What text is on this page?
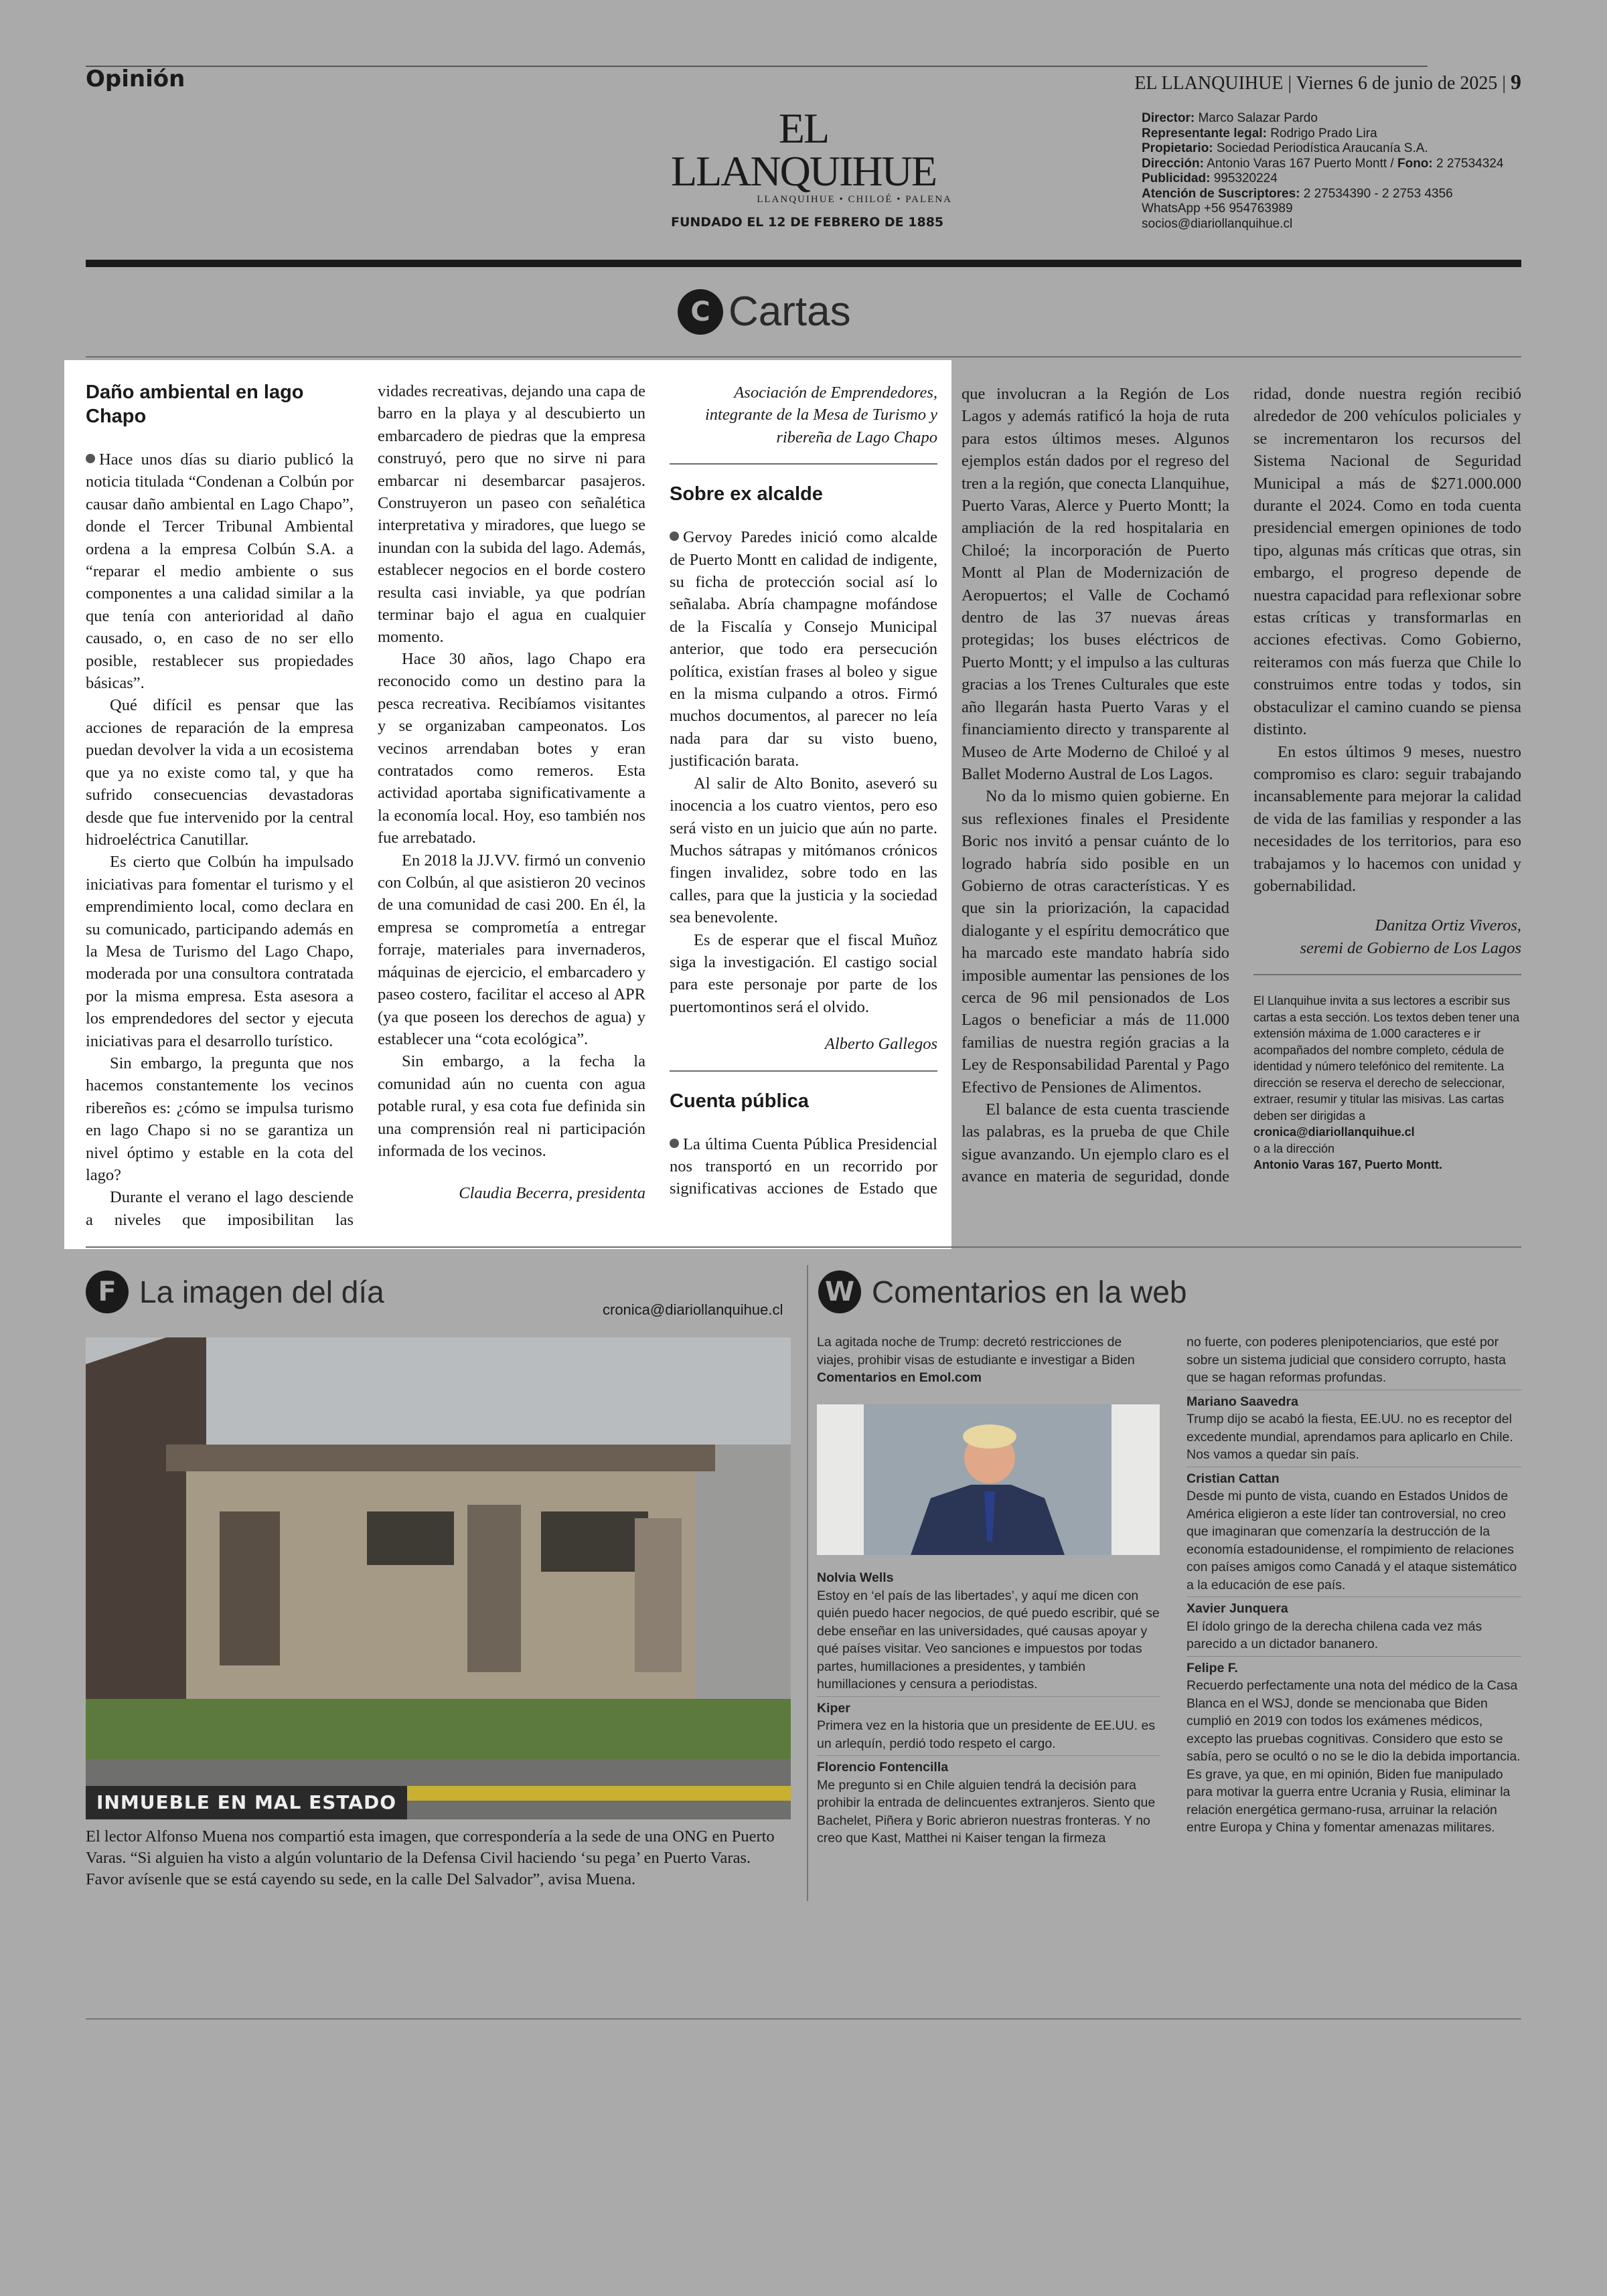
Opinión	EL LLANQUIHUE | Viernes 6 de junio de 2025 | 9
EL LLANQUIHUE
LLANQUIHUE • CHILOÉ • PALENA
FUNDADO EL 12 DE FEBRERO DE 1885
Director: Marco Salazar Pardo
Representante legal: Rodrigo Prado Lira
Propietario: Sociedad Periodística Araucanía S.A.
Dirección: Antonio Varas 167 Puerto Montt / Fono: 2 27534324
Publicidad: 995320224
Atención de Suscriptores: 2 27534390 - 2 2753 4356
WhatsApp +56 954763989
socios@diariollanquihue.cl
C Cartas
Daño ambiental en lago Chapo

Hace unos días su diario publicó la noticia titulada “Condenan a Colbún por causar daño ambiental en Lago Chapo”, donde el Tercer Tribunal Ambiental ordena a la empresa Colbún S.A. a “reparar el medio ambiente o sus componentes a una calidad similar a la que tenía con anterioridad al daño causado, o, en caso de no ser ello posible, restablecer sus propiedades básicas”.

Qué difícil es pensar que las acciones de reparación de la empresa puedan devolver la vida a un ecosistema que ya no existe como tal, y que ha sufrido consecuencias devastadoras desde que fue intervenido por la central hidroeléctrica Canutillar.

Es cierto que Colbún ha impulsado iniciativas para fomentar el turismo y el emprendimiento local, como declara en su comunicado, participando además en la Mesa de Turismo del Lago Chapo, moderada por una consultora contratada por la misma empresa. Esta asesora a los emprendedores del sector y ejecuta iniciativas para el desarrollo turístico.

Sin embargo, la pregunta que nos hacemos constantemente los vecinos ribereños es: ¿cómo se impulsa turismo en lago Chapo si no se garantiza un nivel óptimo y estable en la cota del lago?

Durante el verano el lago desciende a niveles que imposibilitan las

vidades recreativas, dejando una capa de barro en la playa y al descubierto un embarcadero de piedras que la empresa construyó, pero que no sirve ni para embarcar ni desembarcar pasajeros. Construyeron un paseo con señalética interpretativa y miradores, que luego se inundan con la subida del lago. Además, establecer negocios en el borde costero resulta casi inviable, ya que podrían terminar bajo el agua en cualquier momento.

Hace 30 años, lago Chapo era reconocido como un destino para la pesca recreativa. Recibíamos visitantes y se organizaban campeonatos. Los vecinos arrendaban botes y eran contratados como remeros. Esta actividad aportaba significativamente a la economía local. Hoy, eso también nos fue arrebatado.

En 2018 la JJ.VV. firmó un convenio con Colbún, al que asistieron 20 vecinos de una comunidad de casi 200. En él, la empresa se comprometía a entregar forraje, materiales para invernaderos, máquinas de ejercicio, el embarcadero y paseo costero, facilitar el acceso al APR (ya que poseen los derechos de agua) y establecer una “cota ecológica”.

Sin embargo, a la fecha la comunidad aún no cuenta con agua potable rural, y esa cota fue definida sin una comprensión real ni participación informada de los vecinos.

Claudia Becerra, presidenta
Asociación de Emprendedores, integrante de la Mesa de Turismo y ribereña de Lago Chapo
Sobre ex alcalde

Gervoy Paredes inició como alcalde de Puerto Montt en calidad de indigente, su ficha de protección social así lo señalaba. Abría champagne mofándose de la Fiscalía y Consejo Municipal anterior, que todo era persecución política, existían frases al boleo y sigue en la misma culpando a otros. Firmó muchos documentos, al parecer no leía nada para dar su visto bueno, justificación barata.

Al salir de Alto Bonito, aseveró su inocencia a los cuatro vientos, pero eso será visto en un juicio que aún no parte. Muchos sátrapas y mitómanos crónicos fingen invalidez, sobre todo en las calles, para que la justicia y la sociedad sea benevolente.

Es de esperar que el fiscal Muñoz siga la investigación. El castigo social para este personaje por parte de los puertomontinos será el olvido.

Alberto Gallegos
Cuenta pública

La última Cuenta Pública Presidencial nos transportó en un recorrido por significativas acciones de Estado que

que involucran a la Región de Los Lagos y además ratificó la hoja de ruta para estos últimos meses. Algunos ejemplos están dados por el regreso del tren a la región, que conecta Llanquihue, Puerto Varas, Alerce y Puerto Montt; la ampliación de la red hospitalaria en Chiloé; la incorporación de Puerto Montt al Plan de Modernización de Aeropuertos; el Valle de Cochamó dentro de las 37 nuevas áreas protegidas; los buses eléctricos de Puerto Montt; y el impulso a las culturas gracias a los Trenes Culturales que este año llegarán hasta Puerto Varas y el financiamiento directo y transparente al Museo de Arte Moderno de Chiloé y al Ballet Moderno Austral de Los Lagos.

No da lo mismo quien gobierne. En sus reflexiones finales el Presidente Boric nos invitó a pensar cuánto de lo logrado habría sido posible en un Gobierno de otras características. Y es que sin la priorización, la capacidad dialogante y el espíritu democrático que ha marcado este mandato habría sido imposible aumentar las pensiones de los cerca de 96 mil pensionados de Los Lagos o beneficiar a más de 11.000 familias de nuestra región gracias a la Ley de Responsabilidad Parental y Pago Efectivo de Pensiones de Alimentos.

El balance de esta cuenta trasciende las palabras, es la prueba de que Chile sigue avanzando. Un ejemplo claro es el avance en materia de seguridad, donde

ridad, donde nuestra región recibió alrededor de 200 vehículos policiales y se incrementaron los recursos del Sistema Nacional de Seguridad Municipal a más de $271.000.000 durante el 2024. Como en toda cuenta presidencial emergen opiniones de todo tipo, algunas más críticas que otras, sin embargo, el progreso depende de nuestra capacidad para reflexionar sobre estas críticas y transformarlas en acciones efectivas. Como Gobierno, reiteramos con más fuerza que Chile lo construimos entre todas y todos, sin obstaculizar el camino cuando se piensa distinto.

En estos últimos 9 meses, nuestro compromiso es claro: seguir trabajando incansablemente para mejorar la calidad de vida de las familias y responder a las necesidades de los territorios, para eso trabajamos y lo hacemos con unidad y gobernabilidad.

Danitza Ortiz Viveros,
seremi de Gobierno de Los Lagos
El Llanquihue invita a sus lectores a escribir sus cartas a esta sección. Los textos deben tener una extensión máxima de 1.000 caracteres e ir acompañados del nombre completo, cédula de identidad y número telefónico del remitente. La dirección se reserva el derecho de seleccionar, extraer, resumir y titular las misivas. Las cartas deben ser dirigidas a
cronica@diariollanquihue.cl
o a la dirección
Antonio Varas 167, Puerto Montt.
F La imagen del día
cronica@diariollanquihue.cl
INMUEBLE EN MAL ESTADO
El lector Alfonso Muena nos compartió esta imagen, que correspondería a la sede de una ONG en Puerto Varas. “Si alguien ha visto a algún voluntario de la Defensa Civil haciendo ‘su pega’ en Puerto Varas. Favor avísenle que se está cayendo su sede, en la calle Del Salvador”, avisa Muena.
W Comentarios en la web
La agitada noche de Trump: decretó restricciones de viajes, prohibir visas de estudiante e investigar a Biden
Comentarios en Emol.com
Nolvia Wells
Estoy en ‘el país de las libertades’, y aquí me dicen con quién puedo hacer negocios, de qué puedo escribir, qué se debe enseñar en las universidades, qué causas apoyar y qué países visitar. Veo sanciones e impuestos por todas partes, humillaciones a presidentes, y también humillaciones y censura a periodistas.
Kiper
Primera vez en la historia que un presidente de EE.UU. es un arlequín, perdió todo respeto el cargo.
Florencio Fontencilla
Me pregunto si en Chile alguien tendrá la decisión para prohibir la entrada de delincuentes extranjeros. Siento que Bachelet, Piñera y Boric abrieron nuestras fronteras. Y no creo que Kast, Matthei ni Kaiser tengan la firmeza
no fuerte, con poderes plenipotenciarios, que esté por sobre un sistema judicial que considero corrupto, hasta que se hagan reformas profundas.
Mariano Saavedra
Trump dijo se acabó la fiesta, EE.UU. no es receptor del excedente mundial, aprendamos para aplicarlo en Chile. Nos vamos a quedar sin país.
Cristian Cattan
Desde mi punto de vista, cuando en Estados Unidos de América eligieron a este líder tan controversial, no creo que imaginaran que comenzaría la destrucción de la economía estadounidense, el rompimiento de relaciones con países amigos como Canadá y el ataque sistemático a la educación de ese país.
Xavier Junquera
El ídolo gringo de la derecha chilena cada vez más parecido a un dictador bananero.
Felipe F.
Recuerdo perfectamente una nota del médico de la Casa Blanca en el WSJ, donde se mencionaba que Biden cumplió en 2019 con todos los exámenes médicos, excepto las pruebas cognitivas. Considero que esto se sabía, pero se ocultó o no se le dio la debida importancia. Es grave, ya que, en mi opinión, Biden fue manipulado para motivar la guerra entre Ucrania y Rusia, eliminar la relación energética germano-rusa, arruinar la relación entre Europa y China y fomentar amenazas militares.
